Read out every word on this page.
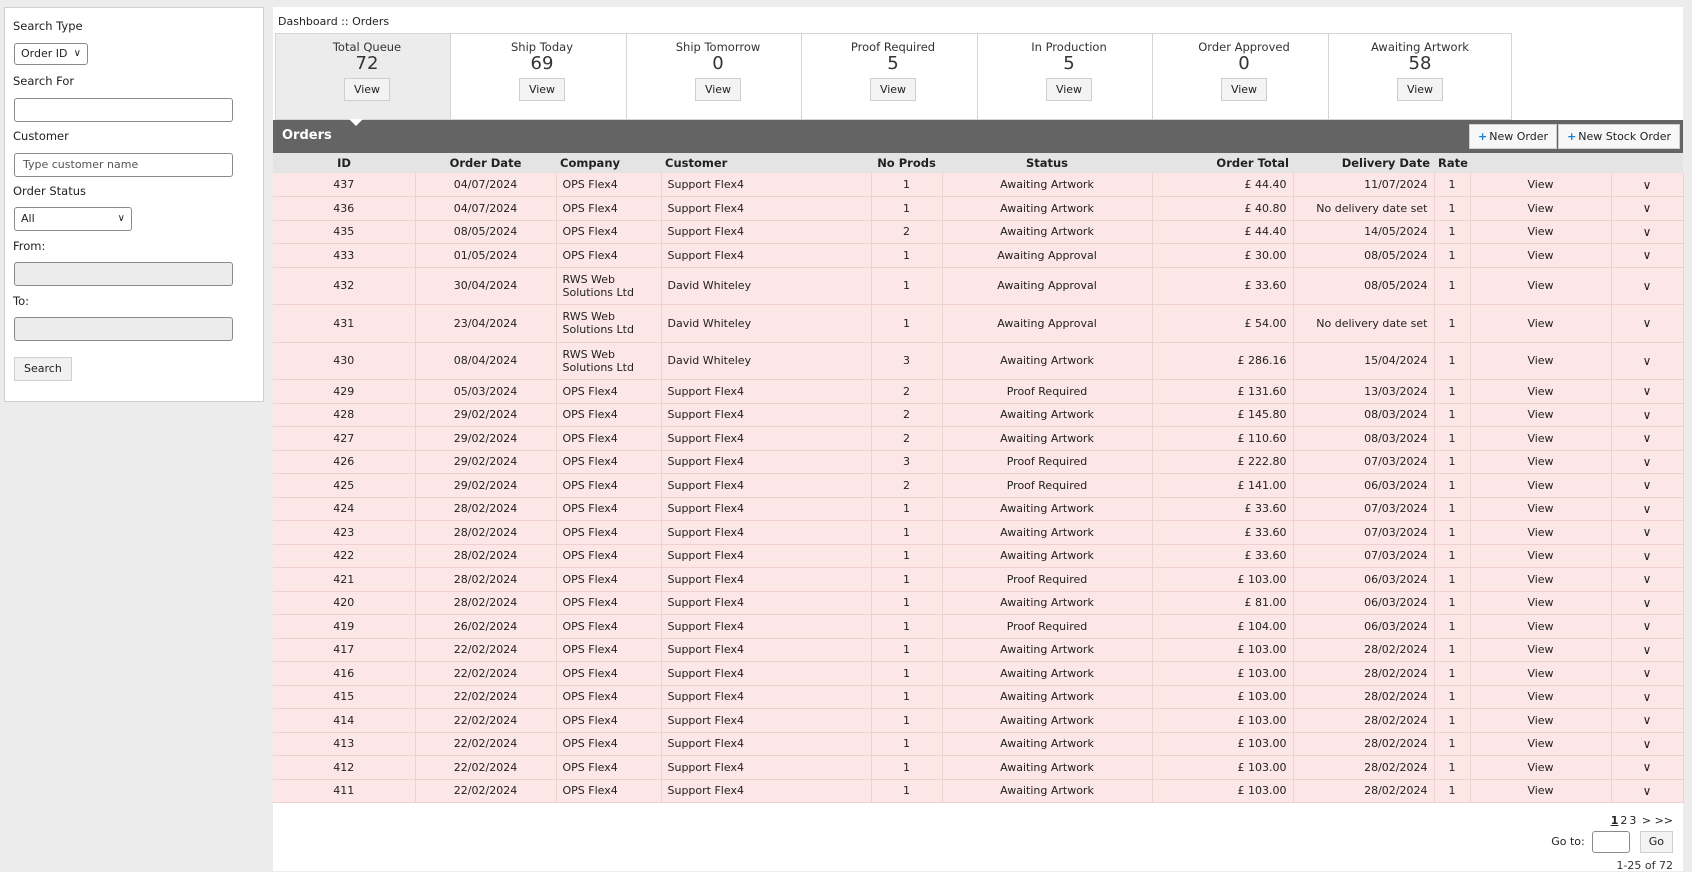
Search Type
Order ID ∨
Search For
Customer
Type customer name
Order Status
All	∨
From:
To:
Search
Dashboard :: Orders
Total Queue
72
View
Ship Today
69
View
Ship Tomorrow
0
View
Proof Required
5
View
In Production
5
View
Order Approved
0
View
Awaiting Artwork
58
View
Orders	+ New Order	+ New Stock Order
ID	Order Date	Company	Customer	No Prods	Status	Order Total	Delivery Date	Rate		
437	04/07/2024	OPS Flex4	Support Flex4	1	Awaiting Artwork	£ 44.40	11/07/2024	1	View	∨
436	04/07/2024	OPS Flex4	Support Flex4	1	Awaiting Artwork	£ 40.80	No delivery date set	1	View	∨
435	08/05/2024	OPS Flex4	Support Flex4	2	Awaiting Artwork	£ 44.40	14/05/2024	1	View	∨
433	01/05/2024	OPS Flex4	Support Flex4	1	Awaiting Approval	£ 30.00	08/05/2024	1	View	∨
432	30/04/2024	RWS Web Solutions Ltd	David Whiteley	1	Awaiting Approval	£ 33.60	08/05/2024	1	View	∨
431	23/04/2024	RWS Web Solutions Ltd	David Whiteley	1	Awaiting Approval	£ 54.00	No delivery date set	1	View	∨
430	08/04/2024	RWS Web Solutions Ltd	David Whiteley	3	Awaiting Artwork	£ 286.16	15/04/2024	1	View	∨
429	05/03/2024	OPS Flex4	Support Flex4	2	Proof Required	£ 131.60	13/03/2024	1	View	∨
428	29/02/2024	OPS Flex4	Support Flex4	2	Awaiting Artwork	£ 145.80	08/03/2024	1	View	∨
427	29/02/2024	OPS Flex4	Support Flex4	2	Awaiting Artwork	£ 110.60	08/03/2024	1	View	∨
426	29/02/2024	OPS Flex4	Support Flex4	3	Proof Required	£ 222.80	07/03/2024	1	View	∨
425	29/02/2024	OPS Flex4	Support Flex4	2	Proof Required	£ 141.00	06/03/2024	1	View	∨
424	28/02/2024	OPS Flex4	Support Flex4	1	Awaiting Artwork	£ 33.60	07/03/2024	1	View	∨
423	28/02/2024	OPS Flex4	Support Flex4	1	Awaiting Artwork	£ 33.60	07/03/2024	1	View	∨
422	28/02/2024	OPS Flex4	Support Flex4	1	Awaiting Artwork	£ 33.60	07/03/2024	1	View	∨
421	28/02/2024	OPS Flex4	Support Flex4	1	Proof Required	£ 103.00	06/03/2024	1	View	∨
420	28/02/2024	OPS Flex4	Support Flex4	1	Awaiting Artwork	£ 81.00	06/03/2024	1	View	∨
419	26/02/2024	OPS Flex4	Support Flex4	1	Proof Required	£ 104.00	06/03/2024	1	View	∨
417	22/02/2024	OPS Flex4	Support Flex4	1	Awaiting Artwork	£ 103.00	28/02/2024	1	View	∨
416	22/02/2024	OPS Flex4	Support Flex4	1	Awaiting Artwork	£ 103.00	28/02/2024	1	View	∨
415	22/02/2024	OPS Flex4	Support Flex4	1	Awaiting Artwork	£ 103.00	28/02/2024	1	View	∨
414	22/02/2024	OPS Flex4	Support Flex4	1	Awaiting Artwork	£ 103.00	28/02/2024	1	View	∨
413	22/02/2024	OPS Flex4	Support Flex4	1	Awaiting Artwork	£ 103.00	28/02/2024	1	View	∨
412	22/02/2024	OPS Flex4	Support Flex4	1	Awaiting Artwork	£ 103.00	28/02/2024	1	View	∨
411	22/02/2024	OPS Flex4	Support Flex4	1	Awaiting Artwork	£ 103.00	28/02/2024	1	View	∨
1 2 3 > >>
Go to:	Go
1-25 of 72
